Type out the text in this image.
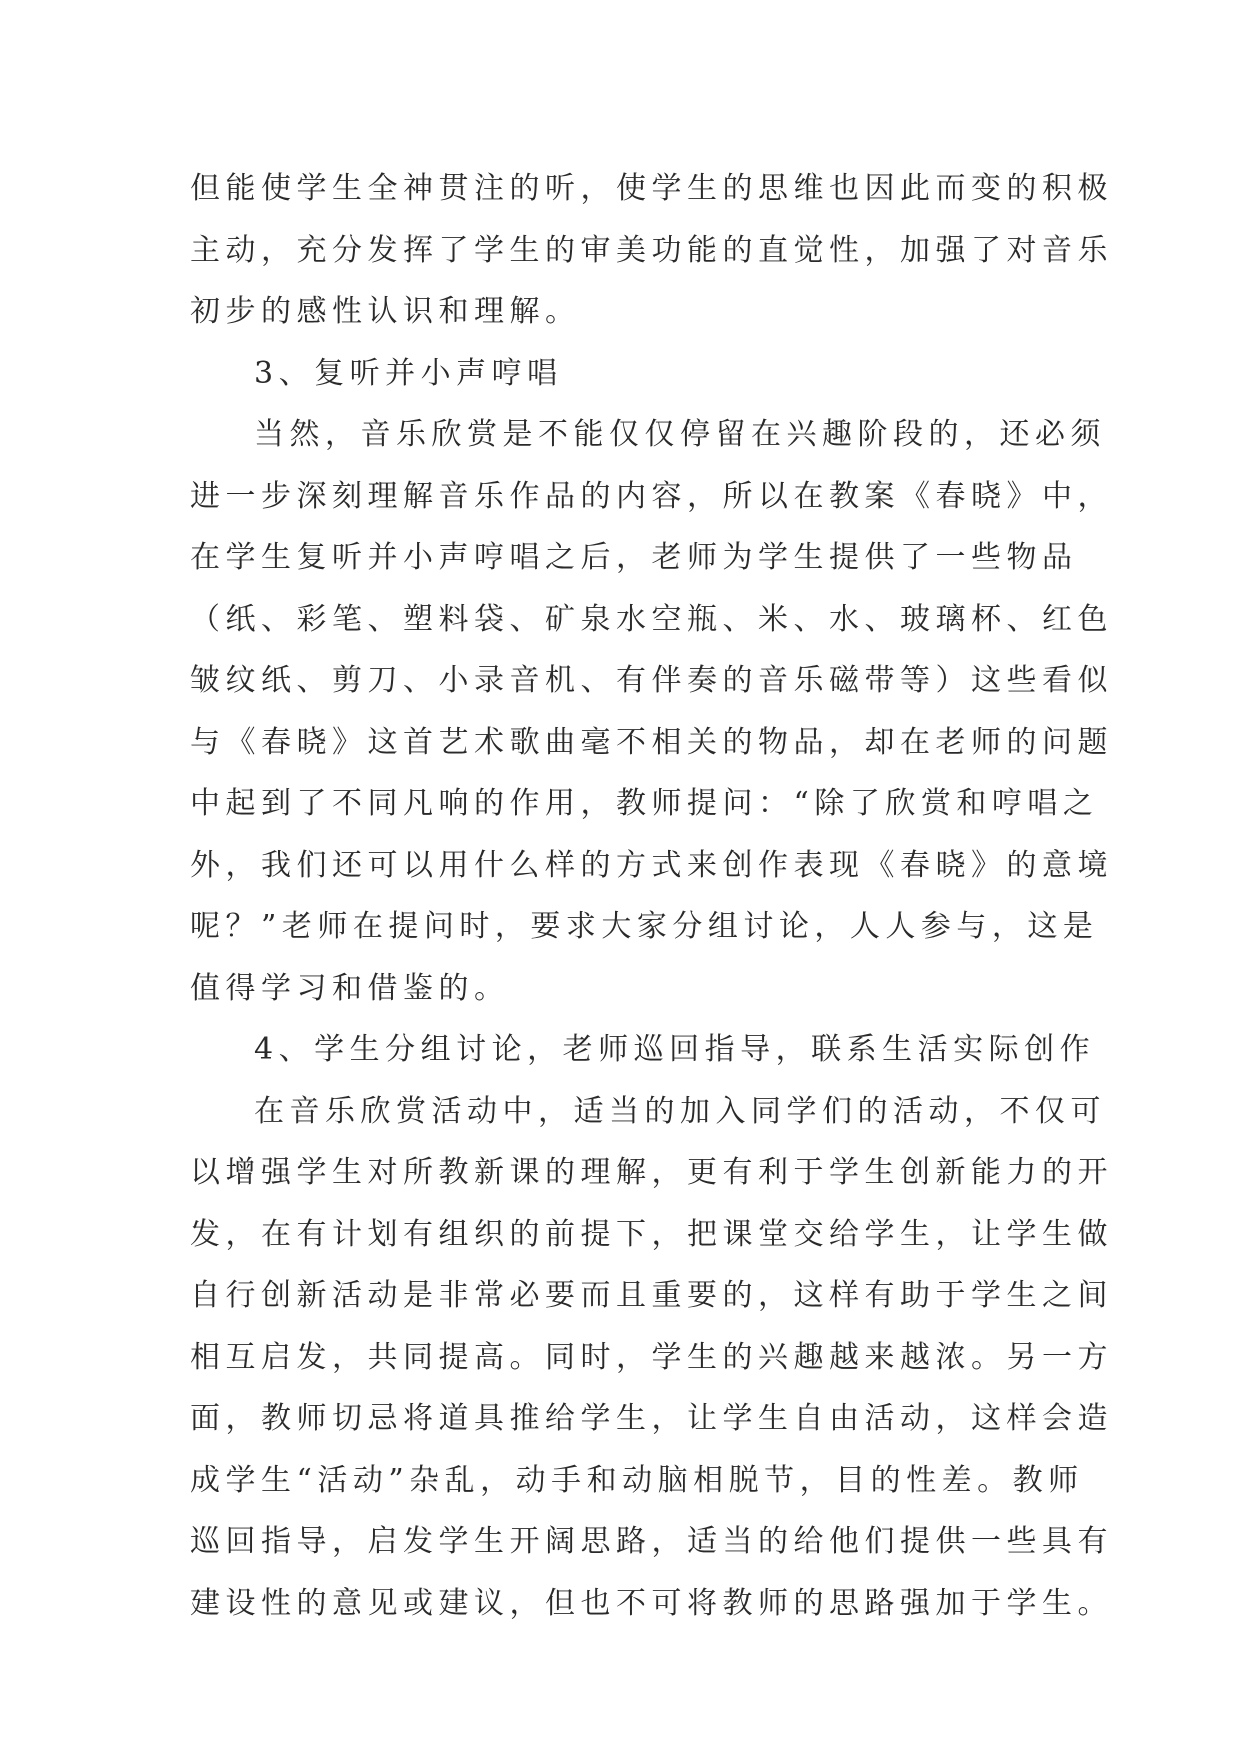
但能使学生全神贯注的听，使学生的思维也因此而变的积极
主动，充分发挥了学生的审美功能的直觉性，加强了对音乐
初步的感性认识和理解。
3、复听并小声哼唱
当然，音乐欣赏是不能仅仅停留在兴趣阶段的，还必须
进一步深刻理解音乐作品的内容，所以在教案《春晓》中，
在学生复听并小声哼唱之后，老师为学生提供了一些物品
（纸、彩笔、塑料袋、矿泉水空瓶、米、水、玻璃杯、红色
皱纹纸、剪刀、小录音机、有伴奏的音乐磁带等）这些看似
与《春晓》这首艺术歌曲毫不相关的物品，却在老师的问题
中起到了不同凡响的作用，教师提问：“除了欣赏和哼唱之
外，我们还可以用什么样的方式来创作表现《春晓》的意境
呢？”老师在提问时，要求大家分组讨论，人人参与，这是
值得学习和借鉴的。
4、学生分组讨论，老师巡回指导，联系生活实际创作
在音乐欣赏活动中，适当的加入同学们的活动，不仅可
以增强学生对所教新课的理解，更有利于学生创新能力的开
发，在有计划有组织的前提下，把课堂交给学生，让学生做
自行创新活动是非常必要而且重要的，这样有助于学生之间
相互启发，共同提高。同时，学生的兴趣越来越浓。另一方
面，教师切忌将道具推给学生，让学生自由活动，这样会造
成学生“活动”杂乱，动手和动脑相脱节，目的性差。教师
巡回指导，启发学生开阔思路，适当的给他们提供一些具有
建设性的意见或建议，但也不可将教师的思路强加于学生。
